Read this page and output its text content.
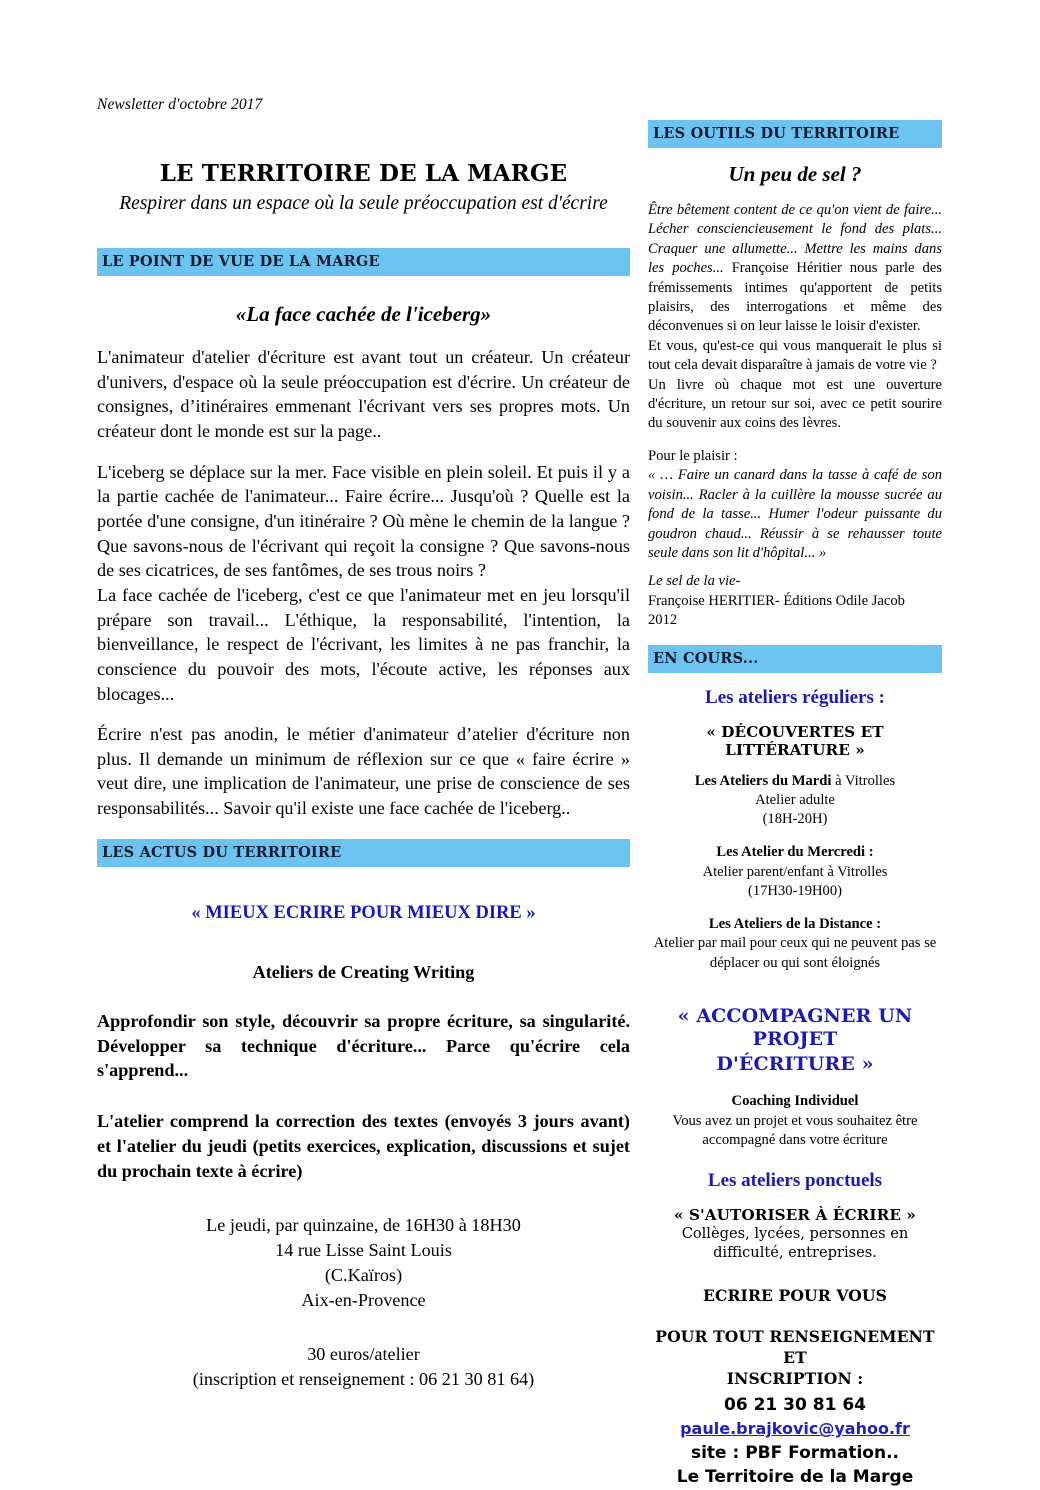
Newsletter d'octobre 2017
LE TERRITOIRE DE LA MARGE

Respirer dans un espace où la seule préoccupation est d'écrire

LE POINT DE VUE DE LA MARGE

«La face cachée de l'iceberg»

L'animateur d'atelier d'écriture est avant tout un créateur. Un créateur d'univers, d'espace où la seule préoccupation est d'écrire. Un créateur de consignes, d’itinéraires emmenant l'écrivant vers ses propres mots. Un créateur dont le monde est sur la page..

L'iceberg se déplace sur la mer. Face visible en plein soleil. Et puis il y a la partie cachée de l'animateur... Faire écrire... Jusqu'où ? Quelle est la portée d'une consigne, d'un itinéraire ? Où mène le chemin de la langue ? Que savons-nous de l'écrivant qui reçoit la consigne ? Que savons-nous de ses cicatrices, de ses fantômes, de ses trous noirs ?

La face cachée de l'iceberg, c'est ce que l'animateur met en jeu lorsqu'il prépare son travail... L'éthique, la responsabilité, l'intention, la bienveillance, le respect de l'écrivant, les limites à ne pas franchir, la conscience du pouvoir des mots, l'écoute active, les réponses aux blocages...

Écrire n'est pas anodin, le métier d'animateur d’atelier d'écriture non plus. Il demande un minimum de réflexion sur ce que « faire écrire » veut dire, une implication de l'animateur, une prise de conscience de ses responsabilités... Savoir qu'il existe une face cachée de l'iceberg..

LES ACTUS DU TERRITOIRE

« MIEUX ECRIRE POUR MIEUX DIRE »

Ateliers de Creating Writing

Approfondir son style, découvrir sa propre écriture, sa singularité. Développer sa technique d'écriture... Parce qu'écrire cela s'apprend...

L'atelier comprend la correction des textes (envoyés 3 jours avant) et l'atelier du jeudi (petits exercices, explication, discussions et sujet du prochain texte à écrire)

Le jeudi, par quinzaine, de 16H30 à 18H30

14 rue Lisse Saint Louis

(C.Kaïros)

Aix-en-Provence

30 euros/atelier

(inscription et renseignement : 06 21 30 81 64)

LES OUTILS DU TERRITOIRE

Un peu de sel ?

Être bêtement content de ce qu'on vient de faire... Lécher consciencieusement le fond des plats... Craquer une allumette... Mettre les mains dans les poches... Françoise Héritier nous parle des frémissements intimes qu'apportent de petits plaisirs, des interrogations et même des déconvenues si on leur laisse le loisir d'exister.

Et vous, qu'est-ce qui vous manquerait le plus si tout cela devait disparaître à jamais de votre vie ?

Un livre où chaque mot est une ouverture d'écriture, un retour sur soi, avec ce petit sourire du souvenir aux coins des lèvres.

Pour le plaisir :

« … Faire un canard dans la tasse à café de son voisin... Racler à la cuillère la mousse sucrée au fond de la tasse... Humer l'odeur puissante du goudron chaud... Réussir à se rehausser toute seule dans son lit d'hôpital... »

Le sel de la vie-

Françoise HERITIER- Éditions Odile Jacob

2012

EN COURS...

Les ateliers réguliers :

« DÉCOUVERTES ET LITTÉRATURE »

Les Ateliers du Mardi à Vitrolles

Atelier adulte

(18H-20H)

Les Atelier du Mercredi :

Atelier parent/enfant à Vitrolles

(17H30-19H00)

Les Ateliers de la Distance :

Atelier par mail pour ceux qui ne peuvent pas se déplacer ou qui sont éloignés

« ACCOMPAGNER UN PROJET

D'ÉCRITURE »

Coaching Individuel

Vous avez un projet et vous souhaitez être accompagné dans votre écriture

Les ateliers ponctuels

« S'AUTORISER À ÉCRIRE »

Collèges, lycées, personnes en difficulté, entreprises.

ECRIRE POUR VOUS

POUR TOUT RENSEIGNEMENT ET

INSCRIPTION :

06 21 30 81 64

paule.brajkovic@yahoo.fr

site : PBF Formation..

Le Territoire de la Marge
